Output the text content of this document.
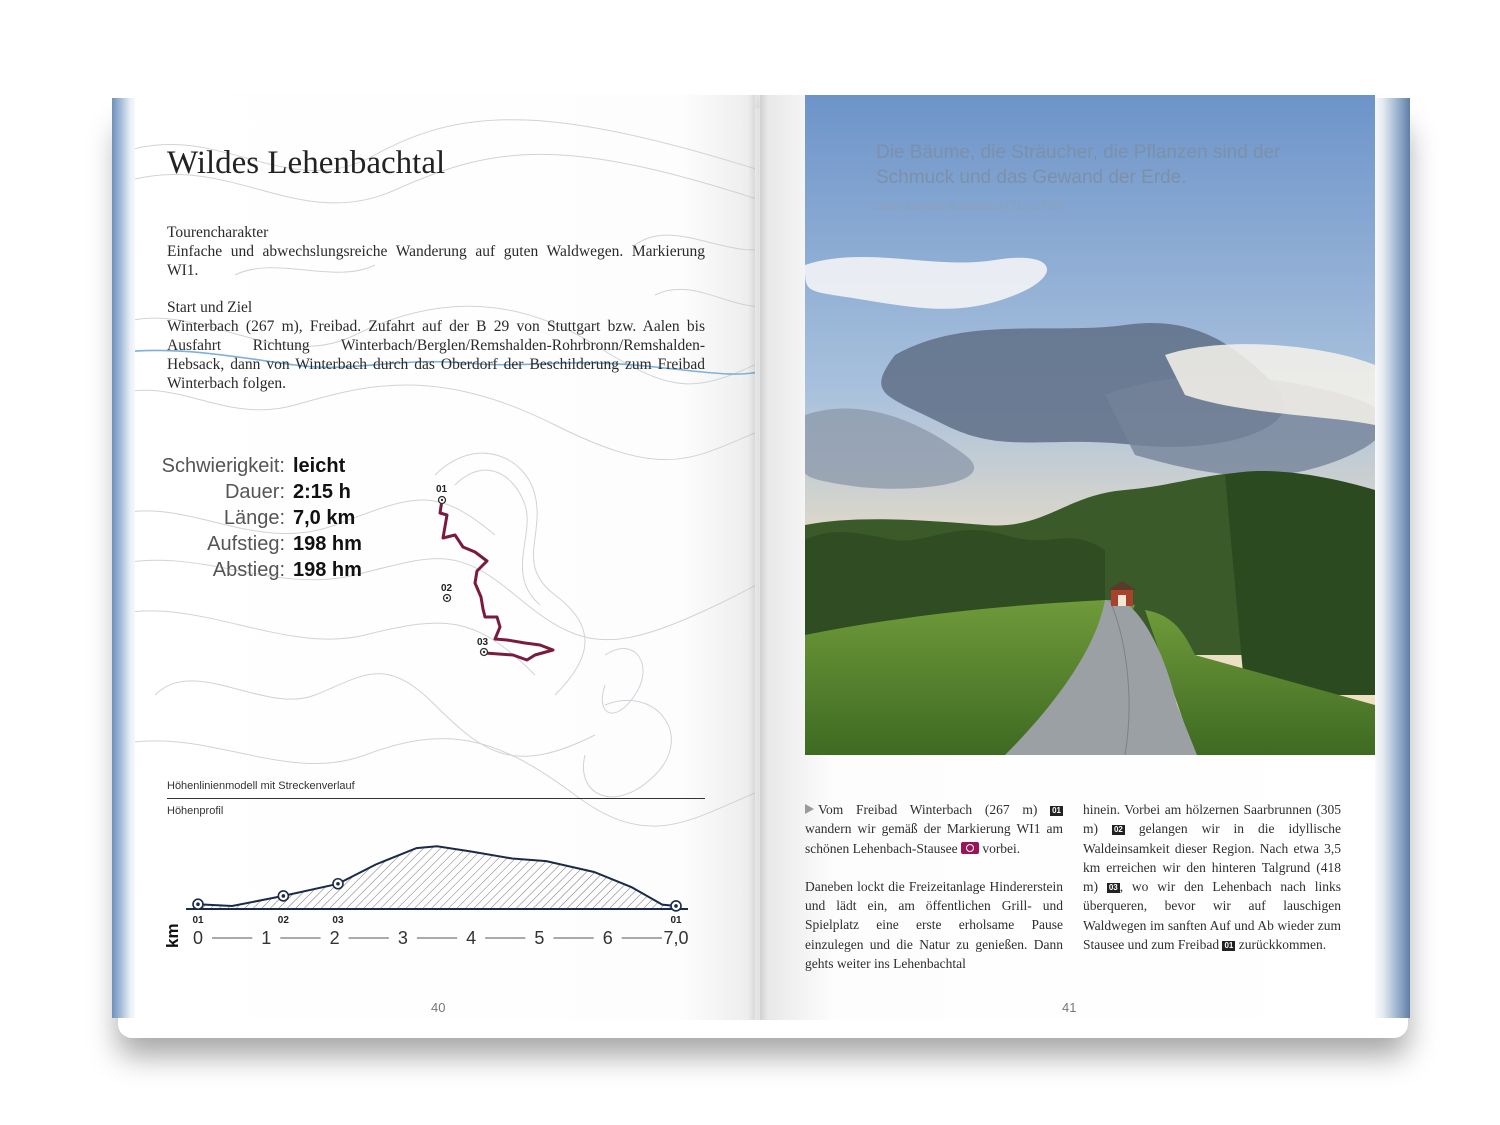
Wildes Lehenbachtal
Tourencharakter
Einfache und abwechslungsreiche Wanderung auf guten Waldwegen. Markierung WI1.
Start und Ziel
Winterbach (267 m), Freibad. Zufahrt auf der B 29 von Stuttgart bzw. Aalen bis Ausfahrt Richtung Winterbach/Berglen/Remshalden-Rohrbronn/Remshalden-Hebsack, dann von Winterbach durch das Oberdorf der Beschilderung zum Freibad Winterbach folgen.
Schwierigkeit: leicht
Dauer: 2:15 h
Länge: 7,0 km
Aufstieg: 198 hm
Abstieg: 198 hm
01
02
03
Höhenlinienmodell mit Streckenverlauf
Höhenprofil
01	02	03	01
0	1	2	3	4	5	6	7,0
km
40
Die Bäume, die Sträucher, die Pflanzen sind der Schmuck und das Gewand der Erde.
Jean-Jacques Rousseau (1712–1778)

Vom Freibad Winterbach (267 m) 01 wandern wir gemäß der Markierung WI1 am schönen Lehenbach-Stausee vorbei.

Daneben lockt die Freizeitanlage Hindererstein und lädt ein, am öffentlichen Grill- und Spielplatz eine erste erholsame Pause einzulegen und die Natur zu genießen. Dann gehts weiter ins Lehenbachtal

hinein. Vorbei am hölzernen Saarbrunnen (305 m) 02 gelangen wir in die idyllische Waldeinsamkeit dieser Region. Nach etwa 3,5 km erreichen wir den hinteren Talgrund (418 m) 03 , wo wir den Lehenbach nach links überqueren, bevor wir auf lauschigen Waldwegen im sanften Auf und Ab wieder zum Stausee und zum Freibad 01 zurückkommen.

41
